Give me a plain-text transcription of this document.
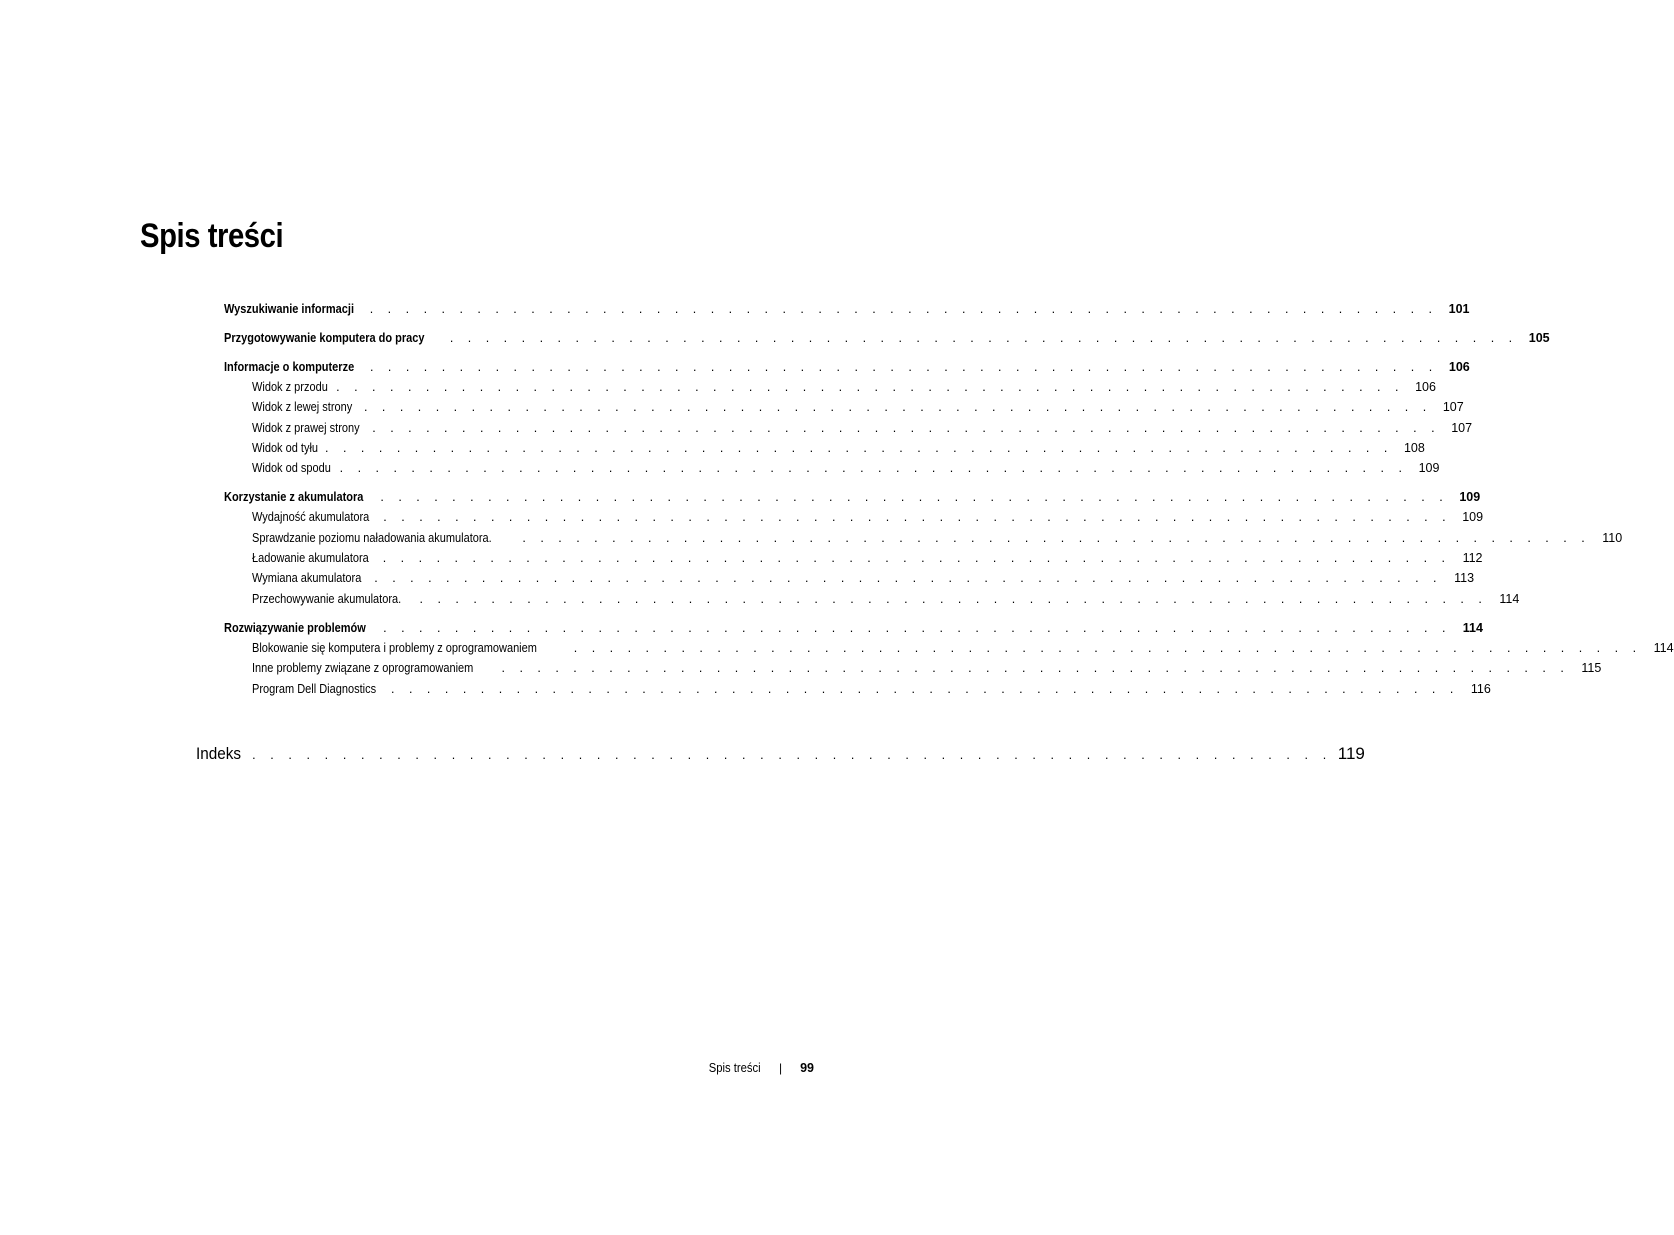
Spis treści
Wyszukiwanie informacji	. . . . . . . . . . . . . . . . . . . . . . . . . . . . . . . . . . . . . . . . . . . . . . . . . . . . . . . . . . . . 101
Przygotowywanie komputera do pracy	. . . . . . . . . . . . . . . . . . . . . . . . . . . . . . . . . . . . . . . . . . . . . . . . . . . . . . . . . . . . 105
Informacje o komputerze	. . . . . . . . . . . . . . . . . . . . . . . . . . . . . . . . . . . . . . . . . . . . . . . . . . . . . . . . . . . . 106
Widok z przodu . . . . . . . . . . . . . . . . . . . . . . . . . . . . . . . . . . . . . . . . . . . . . . . . . . . . . . . . . . . . 106
Widok z lewej strony . . . . . . . . . . . . . . . . . . . . . . . . . . . . . . . . . . . . . . . . . . . . . . . . . . . . . . . . . . . . 107
Widok z prawej strony	. . . . . . . . . . . . . . . . . . . . . . . . . . . . . . . . . . . . . . . . . . . . . . . . . . . . . . . . . . . . 107
Widok od tyłu . . . . . . . . . . . . . . . . . . . . . . . . . . . . . . . . . . . . . . . . . . . . . . . . . . . . . . . . . . . . 108
Widok od spodu . . . . . . . . . . . . . . . . . . . . . . . . . . . . . . . . . . . . . . . . . . . . . . . . . . . . . . . . . . . . 109
Korzystanie z akumulatora	. . . . . . . . . . . . . . . . . . . . . . . . . . . . . . . . . . . . . . . . . . . . . . . . . . . . . . . . . . . . 109
Wydajność akumulatora	. . . . . . . . . . . . . . . . . . . . . . . . . . . . . . . . . . . . . . . . . . . . . . . . . . . . . . . . . . . . 109
Sprawdzanie poziomu naładowania akumulatora.	. . . . . . . . . . . . . . . . . . . . . . . . . . . . . . . . . . . . . . . . . . . . . . . . . . . . . . . . . . . . 110
Ładowanie akumulatora	. . . . . . . . . . . . . . . . . . . . . . . . . . . . . . . . . . . . . . . . . . . . . . . . . . . . . . . . . . . . 112
Wymiana akumulatora	. . . . . . . . . . . . . . . . . . . . . . . . . . . . . . . . . . . . . . . . . . . . . . . . . . . . . . . . . . . . 113
Przechowywanie akumulatora.	. . . . . . . . . . . . . . . . . . . . . . . . . . . . . . . . . . . . . . . . . . . . . . . . . . . . . . . . . . . . 114
Rozwiązywanie problemów	. . . . . . . . . . . . . . . . . . . . . . . . . . . . . . . . . . . . . . . . . . . . . . . . . . . . . . . . . . . . 114
Blokowanie się komputera i problemy z oprogramowaniem	. . . . . . . . . . . . . . . . . . . . . . . . . . . . . . . . . . . . . . . . . . . . . . . . . . . . . . . . . . . . 114
Inne problemy związane z oprogramowaniem	. . . . . . . . . . . . . . . . . . . . . . . . . . . . . . . . . . . . . . . . . . . . . . . . . . . . . . . . . . . . 115
Program Dell Diagnostics	. . . . . . . . . . . . . . . . . . . . . . . . . . . . . . . . . . . . . . . . . . . . . . . . . . . . . . . . . . . . 116
Indeks . . . . . . . . . . . . . . . . . . . . . . . . . . . . . . . . . . . . . . . . . . . . . . . . . . . . . . . . . . . . 119
Spis treści | 99
